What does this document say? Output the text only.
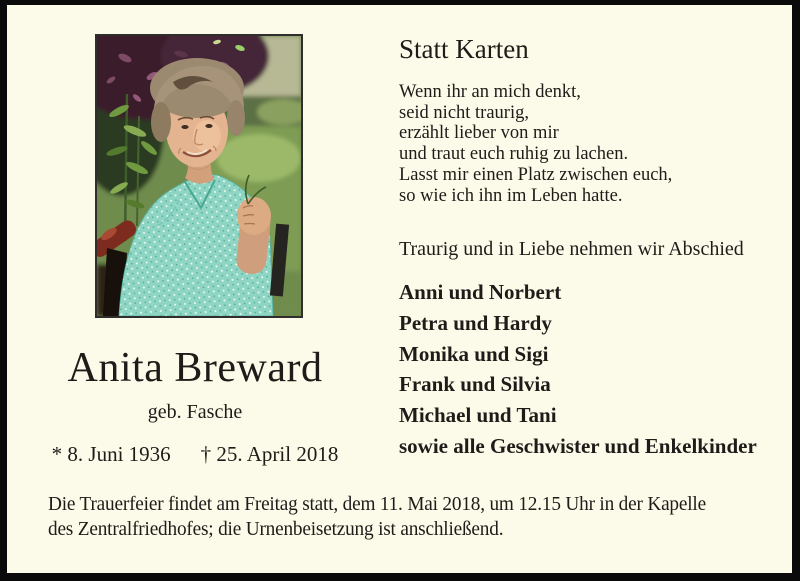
Anita Breward
geb. Fasche
* 8. Juni 1936 † 25. April 2018
Statt Karten
Wenn ihr an mich denkt,
seid nicht traurig,
erzählt lieber von mir
und traut euch ruhig zu lachen.
Lasst mir einen Platz zwischen euch,
so wie ich ihn im Leben hatte.
Traurig und in Liebe nehmen wir Abschied
Anni und Norbert
Petra und Hardy
Monika und Sigi
Frank und Silvia
Michael und Tani
sowie alle Geschwister und Enkelkinder
Die Trauerfeier findet am Freitag statt, dem 11. Mai 2018, um 12.15 Uhr in der Kapelle
des Zentralfriedhofes; die Urnenbeisetzung ist anschließend.
